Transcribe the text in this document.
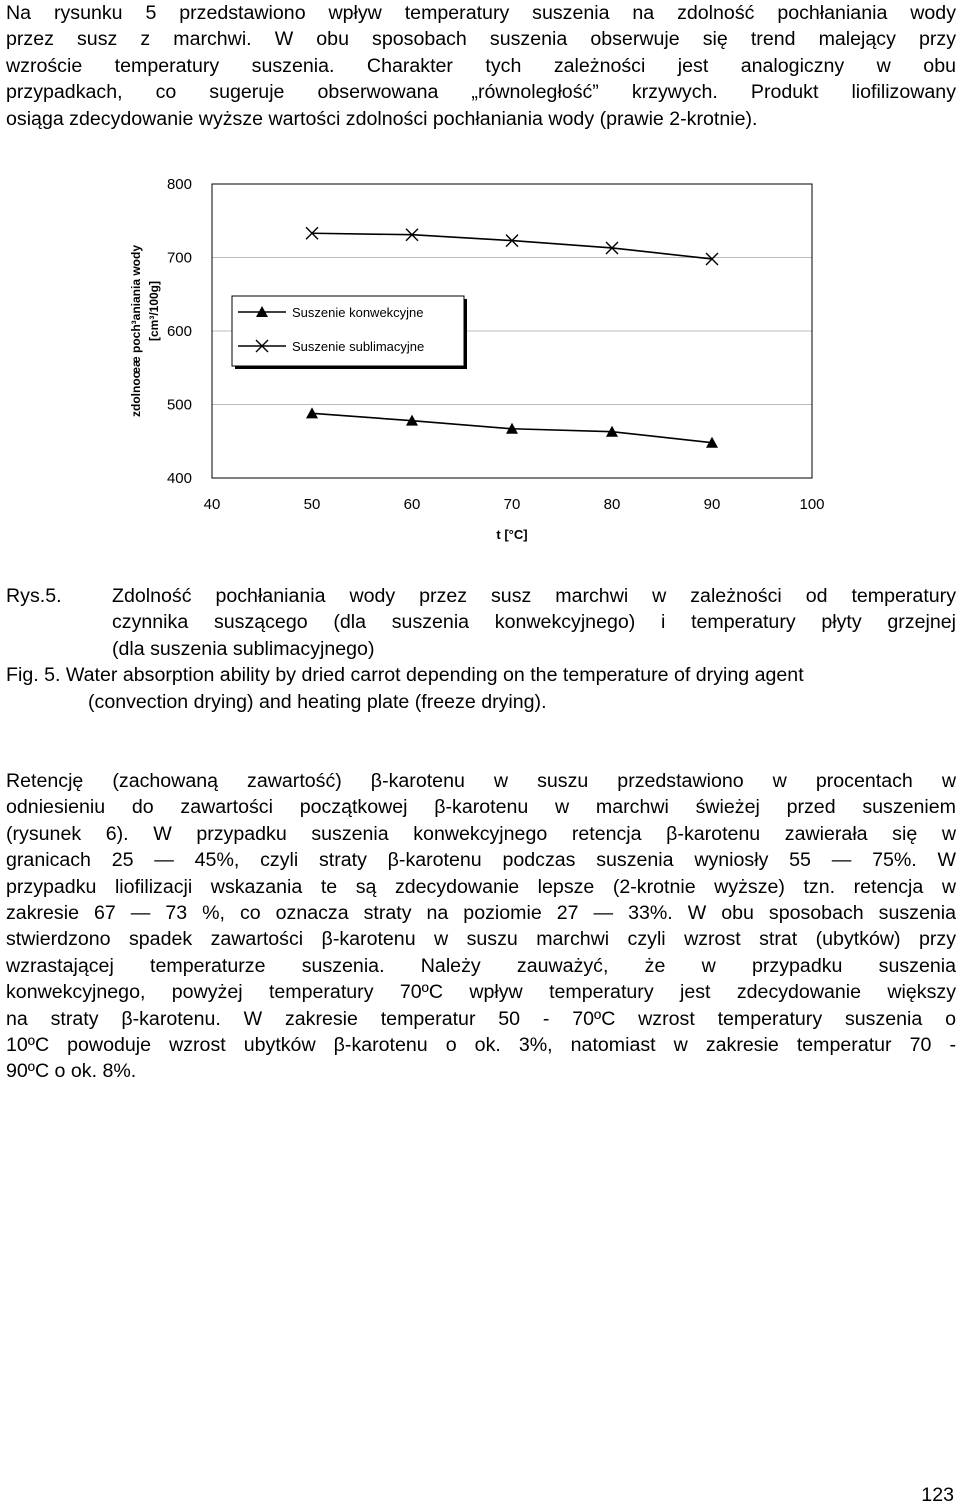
Na rysunku 5 przedstawiono wpływ temperatury suszenia na zdolność pochłaniania wody
przez susz z marchwi. W obu sposobach suszenia obserwuje się trend malejący przy
wzroście temperatury suszenia. Charakter tych zależności jest analogiczny w obu
przypadkach, co sugeruje obserwowana „równoległość” krzywych. Produkt liofilizowany
osiąga zdecydowanie wyższe wartości zdolności pochłaniania wody (prawie 2-krotnie).
400
500
600
700
800
40	50	60	70	80	90	100
t [°C]
zdolnoœæ poch³aniania wody [cm³/100g]	Suszenie konwekcyjne
Suszenie sublimacyjne
Rys.5.	Zdolność pochłaniania wody przez susz marchwi w zależności od temperatury
czynnika suszącego (dla suszenia konwekcyjnego) i temperatury płyty grzejnej
(dla suszenia sublimacyjnego)
Fig. 5. Water absorption ability by dried carrot depending on the temperature of drying agent
(convection drying) and heating plate (freeze drying).
Retencję (zachowaną zawartość) β-karotenu w suszu przedstawiono w procentach w
odniesieniu do zawartości początkowej β-karotenu w marchwi świeżej przed suszeniem
(rysunek 6). W przypadku suszenia konwekcyjnego retencja β-karotenu zawierała się w
granicach 25 — 45%, czyli straty β-karotenu podczas suszenia wyniosły 55 — 75%. W
przypadku liofilizacji wskazania te są zdecydowanie lepsze (2-krotnie wyższe) tzn. retencja w
zakresie 67 — 73 %, co oznacza straty na poziomie 27 — 33%. W obu sposobach suszenia
stwierdzono spadek zawartości β-karotenu w suszu marchwi czyli wzrost strat (ubytków) przy
wzrastającej temperaturze suszenia. Należy zauważyć, że w przypadku suszenia
konwekcyjnego, powyżej temperatury 70ºC wpływ temperatury jest zdecydowanie większy
na straty β-karotenu. W zakresie temperatur 50 - 70ºC wzrost temperatury suszenia o
10ºC powoduje wzrost ubytków β-karotenu o ok. 3%, natomiast w zakresie temperatur 70 -
90ºC o ok. 8%.
123
